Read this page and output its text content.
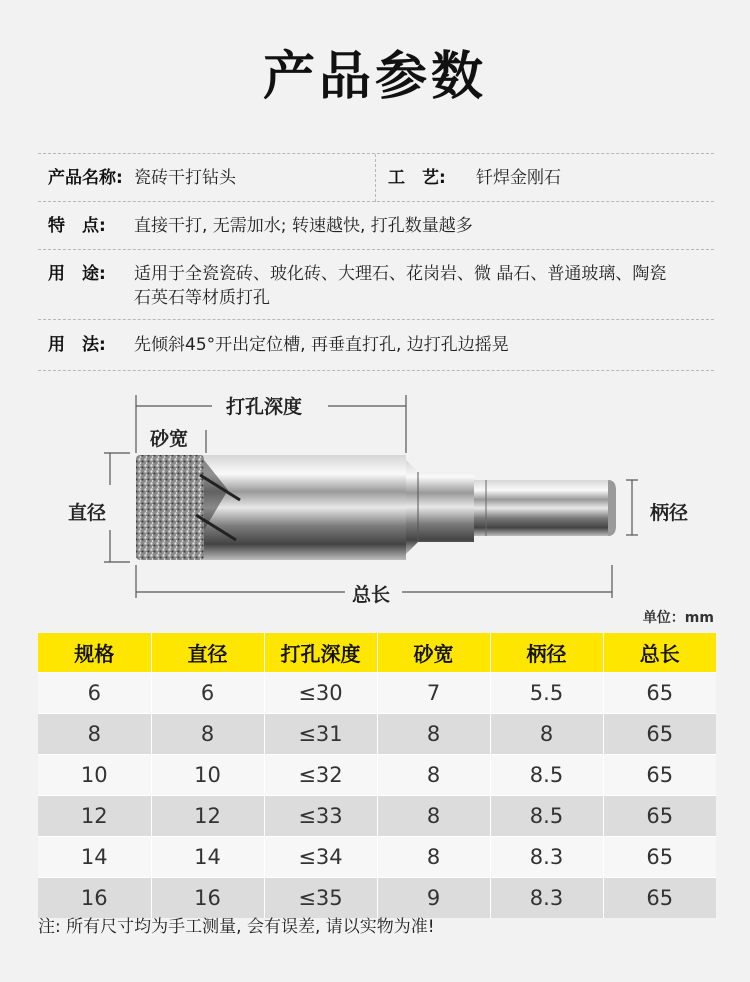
产品参数
产品名称: 瓷砖干打钻头	工　艺: 钎焊金刚石
特　点: 直接干打, 无需加水; 转速越快, 打孔数量越多
用　途: 适用于全瓷瓷砖、玻化砖、大理石、花岗岩、微 晶石、普通玻璃、陶瓷
石英石等材质打孔
用　法: 先倾斜45°开出定位槽, 再垂直打孔, 边打孔边摇晃
打孔深度
砂宽
直径	柄径
总长
单位：mm
规格	直径	打孔深度	砂宽	柄径	总长
6	6	≤30	7	5.5	65
8	8	≤31	8	8	65
10	10	≤32	8	8.5	65
12	12	≤33	8	8.5	65
14	14	≤34	8	8.3	65
16	16	≤35	9	8.3	65
注: 所有尺寸均为手工测量, 会有误差, 请以实物为准!
